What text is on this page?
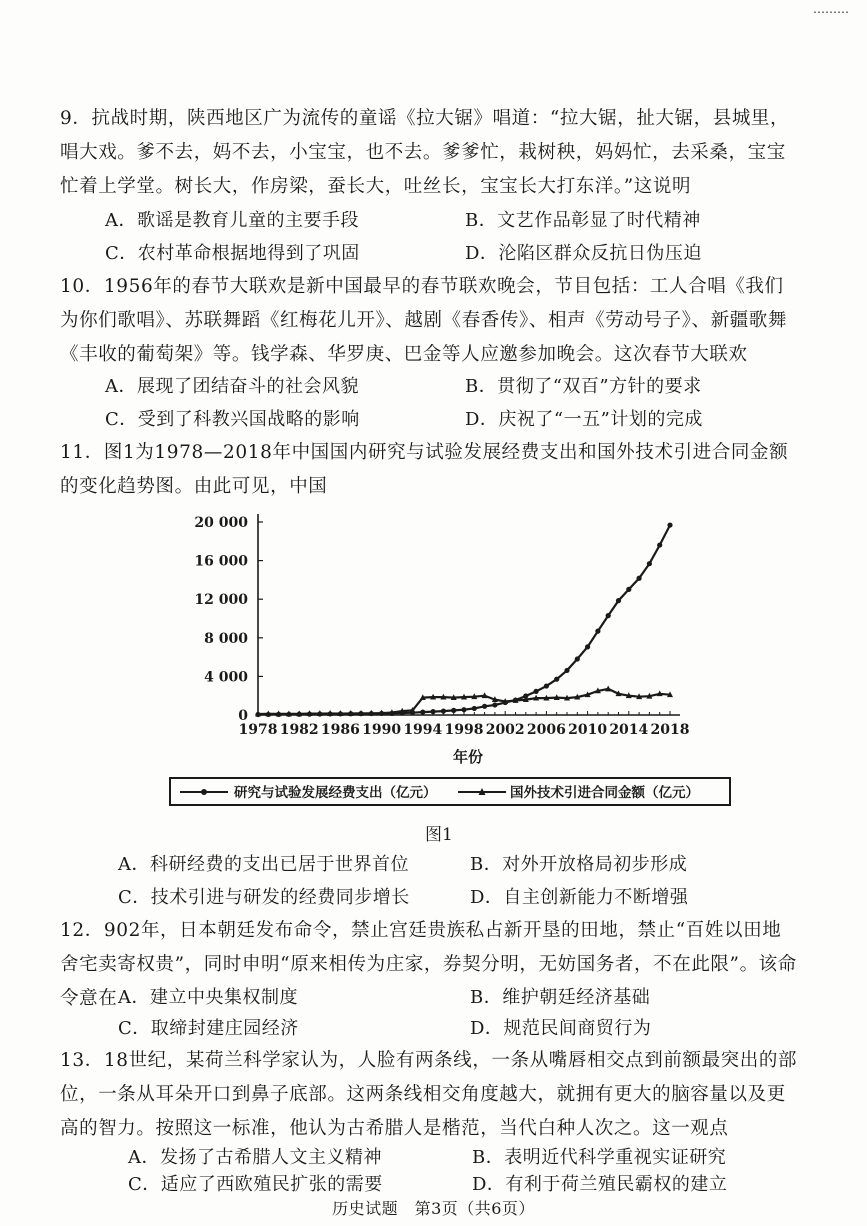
………
9．抗战时期，陕西地区广为流传的童谣《拉大锯》唱道：“拉大锯，扯大锯，县城里，唱大戏。爹不去，妈不去，小宝宝，也不去。爹爹忙，栽树秧，妈妈忙，去采桑，宝宝忙着上学堂。树长大，作房梁，蚕长大，吐丝长，宝宝长大打东洋。”这说明
A．歌谣是教育儿童的主要手段	B．文艺作品彰显了时代精神
C．农村革命根据地得到了巩固	D．沦陷区群众反抗日伪压迫
10．1956年的春节大联欢是新中国最早的春节联欢晚会，节目包括：工人合唱《我们为你们歌唱》、苏联舞蹈《红梅花儿开》、越剧《春香传》、相声《劳动号子》、新疆歌舞《丰收的葡萄架》等。钱学森、华罗庚、巴金等人应邀参加晚会。这次春节大联欢
A．展现了团结奋斗的社会风貌	B．贯彻了“双百”方针的要求
C．受到了科教兴国战略的影响	D．庆祝了“一五”计划的完成
11．图1为1978—2018年中国国内研究与试验发展经费支出和国外技术引进合同金额的变化趋势图。由此可见，中国
0
4 000
8 000
12 000
16 000
20 000
1978 1982 1986 1990 1994 1998 2002 2006 2010 2014 2018
年份
研究与试验发展经费支出（亿元）	国外技术引进合同金额（亿元）
图1
A．科研经费的支出已居于世界首位	B．对外开放格局初步形成
C．技术引进与研发的经费同步增长	D．自主创新能力不断增强
12．902年，日本朝廷发布命令，禁止宫廷贵族私占新开垦的田地，禁止“百姓以田地舍宅卖寄权贵”，同时申明“原来相传为庄家，券契分明，无妨国务者，不在此限”。该命令意在 A．建立中央集权制度	B．维护朝廷经济基础
C．取缔封建庄园经济	D．规范民间商贸行为
13．18世纪，某荷兰科学家认为，人脸有两条线，一条从嘴唇相交点到前额最突出的部位，一条从耳朵开口到鼻子底部。这两条线相交角度越大，就拥有更大的脑容量以及更高的智力。按照这一标准，他认为古希腊人是楷范，当代白种人次之。这一观点
A．发扬了古希腊人文主义精神	B．表明近代科学重视实证研究
C．适应了西欧殖民扩张的需要	D．有利于荷兰殖民霸权的建立
历史试题　第3页（共6页）
